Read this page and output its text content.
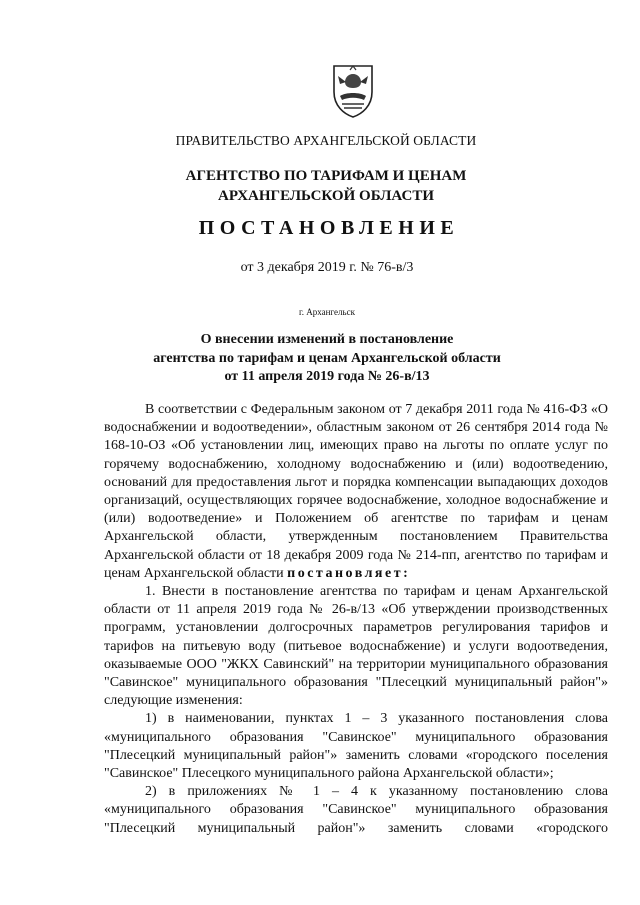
ПРАВИТЕЛЬСТВО АРХАНГЕЛЬСКОЙ ОБЛАСТИ
АГЕНТСТВО ПО ТАРИФАМ И ЦЕНАМ
АРХАНГЕЛЬСКОЙ ОБЛАСТИ
ПОСТАНОВЛЕНИЕ
от 3 декабря 2019 г. № 76-в/3
г. Архангельск
О внесении изменений в постановление
агентства по тарифам и ценам Архангельской области
от 11 апреля 2019 года № 26-в/13

В соответствии с Федеральным законом от 7 декабря 2011 года № 416-ФЗ «О водоснабжении и водоотведении», областным законом от 26 сентября 2014 года № 168-10-ОЗ «Об установлении лиц, имеющих право на льготы по оплате услуг по горячему водоснабжению, холодному водоснабжению и (или) водоотведению, оснований для предоставления льгот и порядка компенсации выпадающих доходов организаций, осуществляющих горячее водоснабжение, холодное водоснабжение и (или) водоотведение» и Положением об агентстве по тарифам и ценам Архангельской области, утвержденным постановлением Правительства Архангельской области от 18 декабря 2009 года № 214-пп, агентство по тарифам и ценам Архангельской области постановляет:

1. Внести в постановление агентства по тарифам и ценам Архангельской области от 11 апреля 2019 года № 26-в/13 «Об утверждении производственных программ, установлении долгосрочных параметров регулирования тарифов и тарифов на питьевую воду (питьевое водоснабжение) и услуги водоотведения, оказываемые ООО "ЖКХ Савинский" на территории муниципального образования "Савинское" муниципального образования "Плесецкий муниципальный район"» следующие изменения:

1) в наименовании, пунктах 1 – 3 указанного постановления слова «муниципального образования "Савинское" муниципального образования "Плесецкий муниципальный район"» заменить словами «городского поселения "Савинское" Плесецкого муниципального района Архангельской области»;

2) в приложениях № 1 – 4 к указанному постановлению слова «муниципального образования "Савинское" муниципального образования "Плесецкий муниципальный район"» заменить словами «городского
